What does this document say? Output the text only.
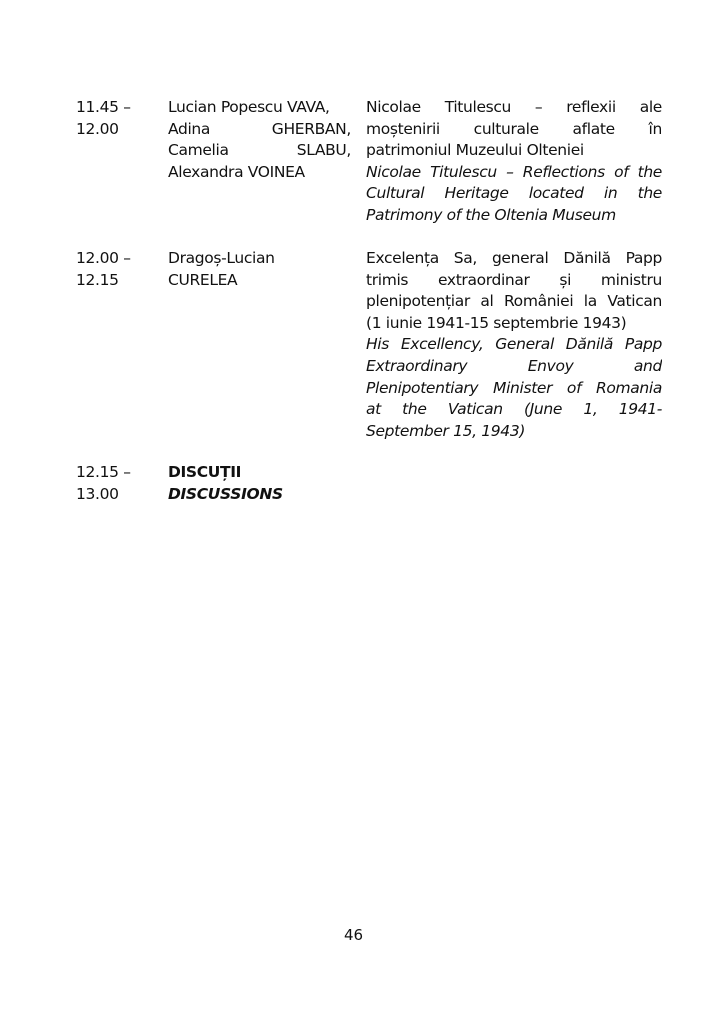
11.45 –
12.00
Lucian Popescu VAVA,
Adina GHERBAN,
Camelia SLABU,
Alexandra VOINEA
Nicolae Titulescu – reflexii ale
moștenirii culturale aflate în
patrimoniul Muzeului Olteniei
Nicolae Titulescu – Reflections of the
Cultural Heritage located in the
Patrimony of the Oltenia Museum
12.00 –
12.15
Dragoș-Lucian
CURELEA
Excelența Sa, general Dănilă Papp
trimis extraordinar și ministru
plenipotențiar al României la Vatican
(1 iunie 1941-15 septembrie 1943)
His Excellency, General Dănilă Papp
Extraordinary Envoy and
Plenipotentiary Minister of Romania
at the Vatican (June 1, 1941-
September 15, 1943)
12.15 –
13.00
DISCUȚII
DISCUSSIONS
46
